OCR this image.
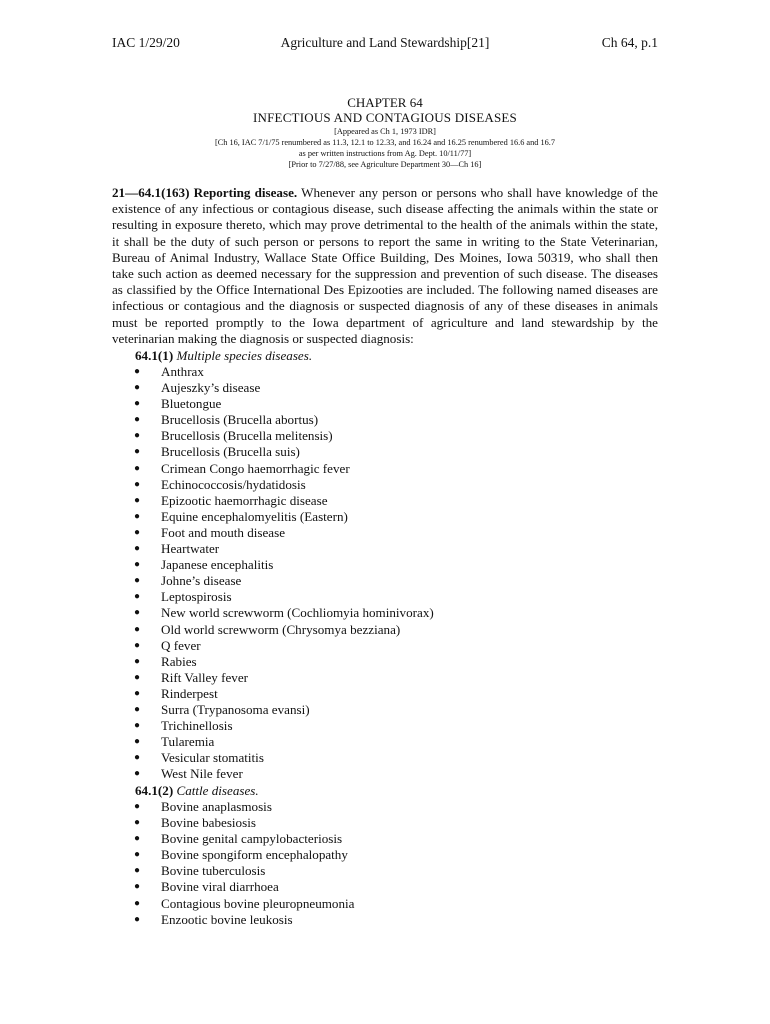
IAC 1/29/20	Agriculture and Land Stewardship[21]	Ch 64, p.1
CHAPTER 64
INFECTIOUS AND CONTAGIOUS DISEASES
[Appeared as Ch 1, 1973 IDR]
[Ch 16, IAC 7/1/75 renumbered as 11.3, 12.1 to 12.33, and 16.24 and 16.25 renumbered 16.6 and 16.7
as per written instructions from Ag. Dept. 10/11/77]
[Prior to 7/27/88, see Agriculture Department 30—Ch 16]
21—64.1(163) Reporting disease. Whenever any person or persons who shall have knowledge of the existence of any infectious or contagious disease, such disease affecting the animals within the state or resulting in exposure thereto, which may prove detrimental to the health of the animals within the state, it shall be the duty of such person or persons to report the same in writing to the State Veterinarian, Bureau of Animal Industry, Wallace State Office Building, Des Moines, Iowa 50319, who shall then take such action as deemed necessary for the suppression and prevention of such disease. The diseases as classified by the Office International Des Epizooties are included. The following named diseases are infectious or contagious and the diagnosis or suspected diagnosis of any of these diseases in animals must be reported promptly to the Iowa department of agriculture and land stewardship by the veterinarian making the diagnosis or suspected diagnosis:
64.1(1) Multiple species diseases.
● Anthrax
● Aujeszky’s disease
● Bluetongue
● Brucellosis (Brucella abortus)
● Brucellosis (Brucella melitensis)
● Brucellosis (Brucella suis)
● Crimean Congo haemorrhagic fever
● Echinococcosis/hydatidosis
● Epizootic haemorrhagic disease
● Equine encephalomyelitis (Eastern)
● Foot and mouth disease
● Heartwater
● Japanese encephalitis
● Johne’s disease
● Leptospirosis
● New world screwworm (Cochliomyia hominivorax)
● Old world screwworm (Chrysomya bezziana)
● Q fever
● Rabies
● Rift Valley fever
● Rinderpest
● Surra (Trypanosoma evansi)
● Trichinellosis
● Tularemia
● Vesicular stomatitis
● West Nile fever
64.1(2) Cattle diseases.
● Bovine anaplasmosis
● Bovine babesiosis
● Bovine genital campylobacteriosis
● Bovine spongiform encephalopathy
● Bovine tuberculosis
● Bovine viral diarrhoea
● Contagious bovine pleuropneumonia
● Enzootic bovine leukosis
